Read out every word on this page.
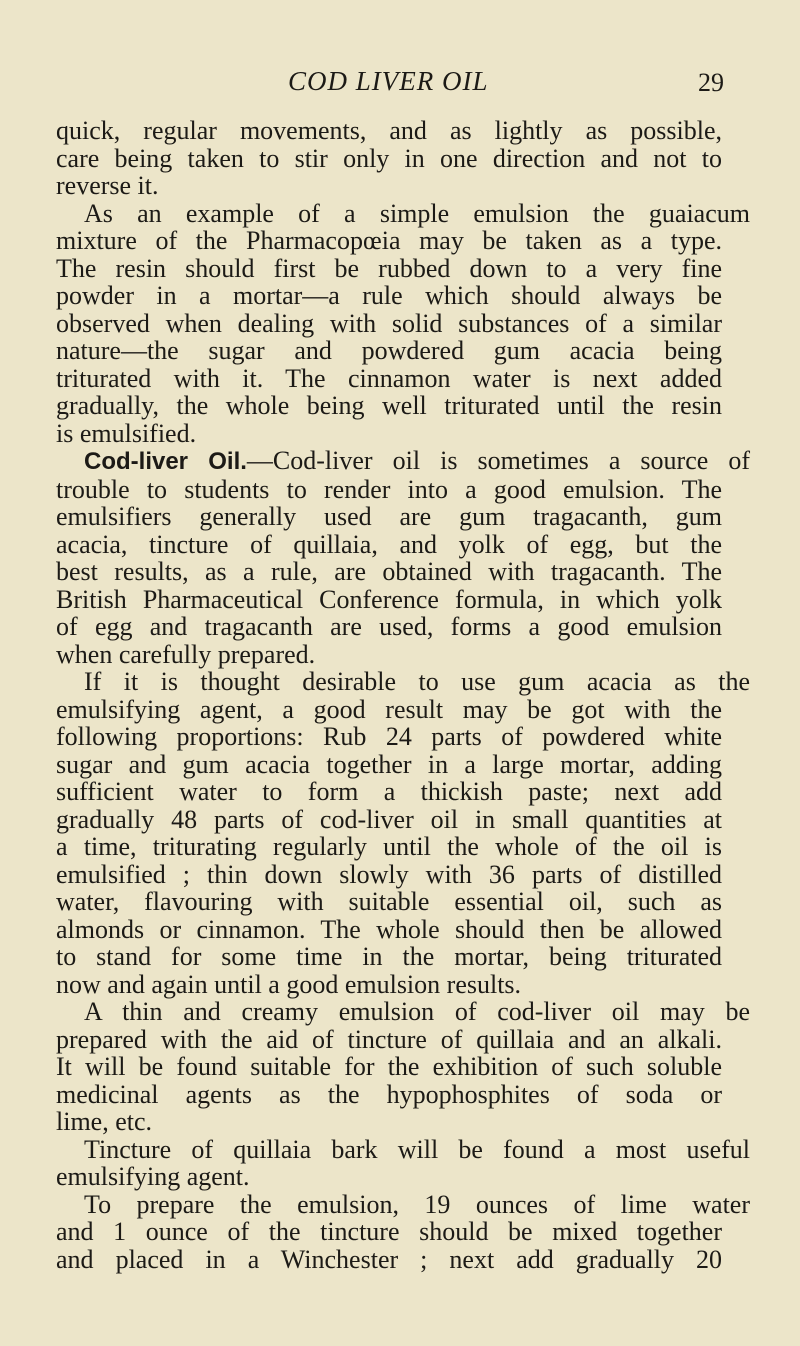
COD LIVER OIL	29
quick, regular movements, and as lightly as possible,
care being taken to stir only in one direction and not to
reverse it.
As an example of a simple emulsion the guaiacum
mixture of the Pharmacopœia may be taken as a type.
The resin should first be rubbed down to a very fine
powder in a mortar—a rule which should always be
observed when dealing with solid substances of a similar
nature—the sugar and powdered gum acacia being
triturated with it. The cinnamon water is next added
gradually, the whole being well triturated until the resin
is emulsified.
Cod-liver Oil.—Cod-liver oil is sometimes a source of
trouble to students to render into a good emulsion. The
emulsifiers generally used are gum tragacanth, gum
acacia, tincture of quillaia, and yolk of egg, but the
best results, as a rule, are obtained with tragacanth. The
British Pharmaceutical Conference formula, in which yolk
of egg and tragacanth are used, forms a good emulsion
when carefully prepared.
If it is thought desirable to use gum acacia as the
emulsifying agent, a good result may be got with the
following proportions: Rub 24 parts of powdered white
sugar and gum acacia together in a large mortar, adding
sufficient water to form a thickish paste; next add
gradually 48 parts of cod-liver oil in small quantities at
a time, triturating regularly until the whole of the oil is
emulsified ; thin down slowly with 36 parts of distilled
water, flavouring with suitable essential oil, such as
almonds or cinnamon. The whole should then be allowed
to stand for some time in the mortar, being triturated
now and again until a good emulsion results.
A thin and creamy emulsion of cod-liver oil may be
prepared with the aid of tincture of quillaia and an alkali.
It will be found suitable for the exhibition of such soluble
medicinal agents as the hypophosphites of soda or
lime, etc.
Tincture of quillaia bark will be found a most useful
emulsifying agent.
To prepare the emulsion, 19 ounces of lime water
and 1 ounce of the tincture should be mixed together
and placed in a Winchester ; next add gradually 20
